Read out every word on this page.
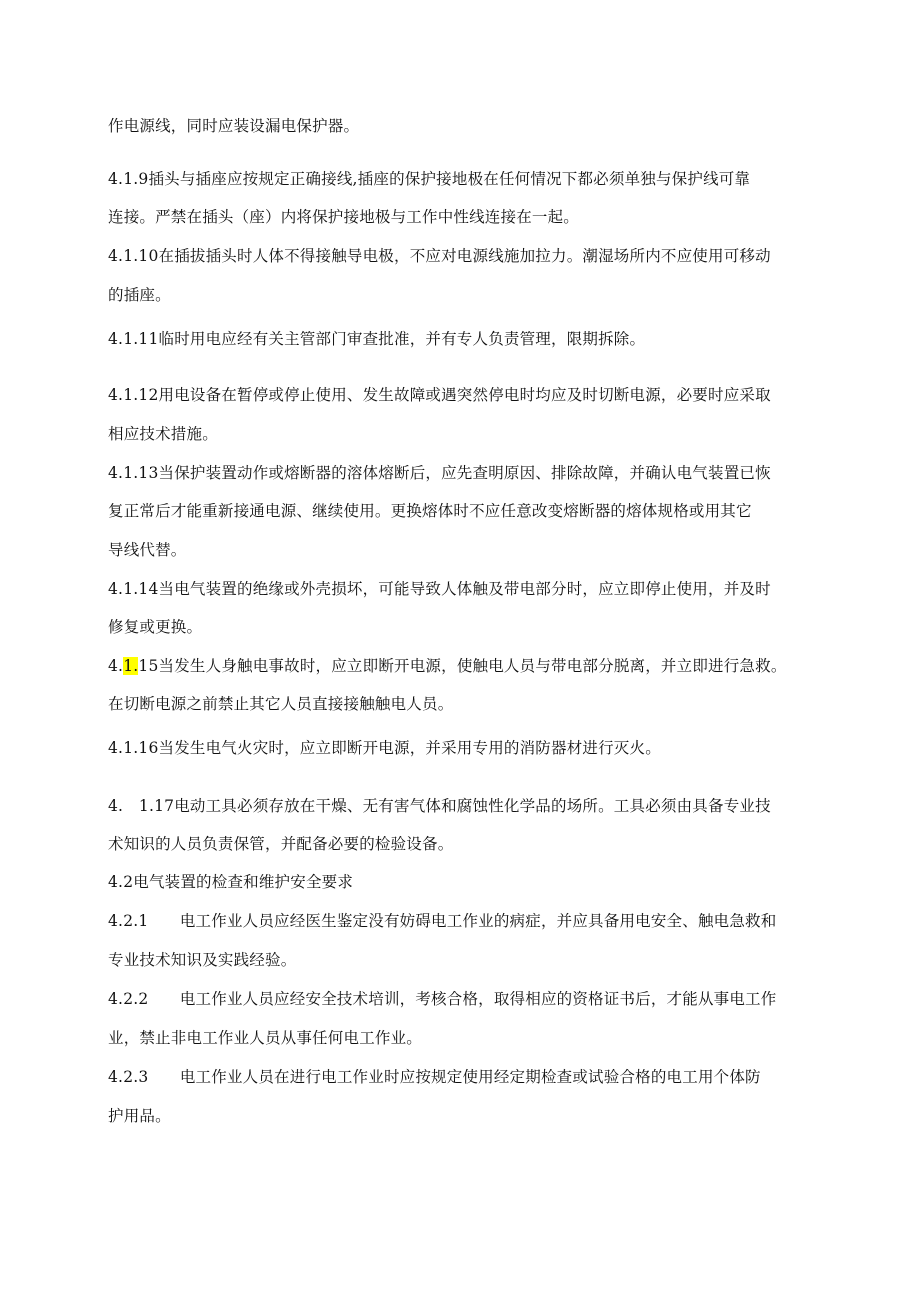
作电源线，同时应装设漏电保护器。
4.1.9插头与插座应按规定正确接线,插座的保护接地极在任何情况下都必须单独与保护线可靠
连接。严禁在插头（座）内将保护接地极与工作中性线连接在一起。
4.1.10在插拔插头时人体不得接触导电极，不应对电源线施加拉力。潮湿场所内不应使用可移动
的插座。
4.1.11临时用电应经有关主管部门审查批准，并有专人负责管理，限期拆除。
4.1.12用电设备在暂停或停止使用、发生故障或遇突然停电时均应及时切断电源，必要时应采取
相应技术措施。
4.1.13当保护装置动作或熔断器的溶体熔断后，应先查明原因、排除故障，并确认电气装置已恢
复正常后才能重新接通电源、继续使用。更换熔体时不应任意改变熔断器的熔体规格或用其它
导线代替。
4.1.14当电气装置的绝缘或外壳损坏，可能导致人体触及带电部分时，应立即停止使用，并及时
修复或更换。
4.1.15当发生人身触电事故时，应立即断开电源，使触电人员与带电部分脱离，并立即进行急救。
在切断电源之前禁止其它人员直接接触触电人员。
4.1.16当发生电气火灾时，应立即断开电源，并采用专用的消防器材进行灭火。
4.　1.17电动工具必须存放在干燥、无有害气体和腐蚀性化学品的场所。工具必须由具备专业技
术知识的人员负责保管，并配备必要的检验设备。
4.2电气装置的检查和维护安全要求
4.2.1　　电工作业人员应经医生鉴定没有妨碍电工作业的病症，并应具备用电安全、触电急救和
专业技术知识及实践经验。
4.2.2　　电工作业人员应经安全技术培训，考核合格，取得相应的资格证书后，才能从事电工作
业，禁止非电工作业人员从事任何电工作业。
4.2.3　　电工作业人员在进行电工作业时应按规定使用经定期检查或试验合格的电工用个体防
护用品。
